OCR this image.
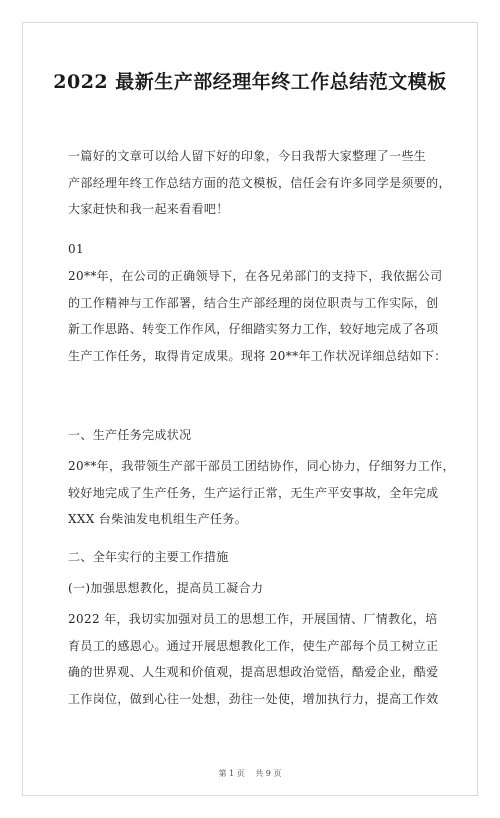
2022 最新生产部经理年终工作总结范文模板
一篇好的文章可以给人留下好的印象，今日我帮大家整理了一些生
产部经理年终工作总结方面的范文模板，信任会有许多同学是须要的，
大家赶快和我一起来看看吧！
01
20**年，在公司的正确领导下，在各兄弟部门的支持下，我依据公司
的工作精神与工作部署，结合生产部经理的岗位职责与工作实际，创
新工作思路、转变工作作风，仔细踏实努力工作，较好地完成了各项
生产工作任务，取得肯定成果。现将 20**年工作状况详细总结如下：
一、生产任务完成状况
20**年，我带领生产部干部员工团结协作，同心协力，仔细努力工作，
较好地完成了生产任务，生产运行正常，无生产平安事故，全年完成
XXX 台柴油发电机组生产任务。
二、全年实行的主要工作措施
(一)加强思想教化，提高员工凝合力
2022 年，我切实加强对员工的思想工作，开展国情、厂情教化，培
育员工的感恩心。通过开展思想教化工作，使生产部每个员工树立正
确的世界观、人生观和价值观，提高思想政治觉悟，酷爱企业，酷爱
工作岗位，做到心往一处想，劲往一处使，增加执行力，提高工作效
第 1 页 共 9 页
